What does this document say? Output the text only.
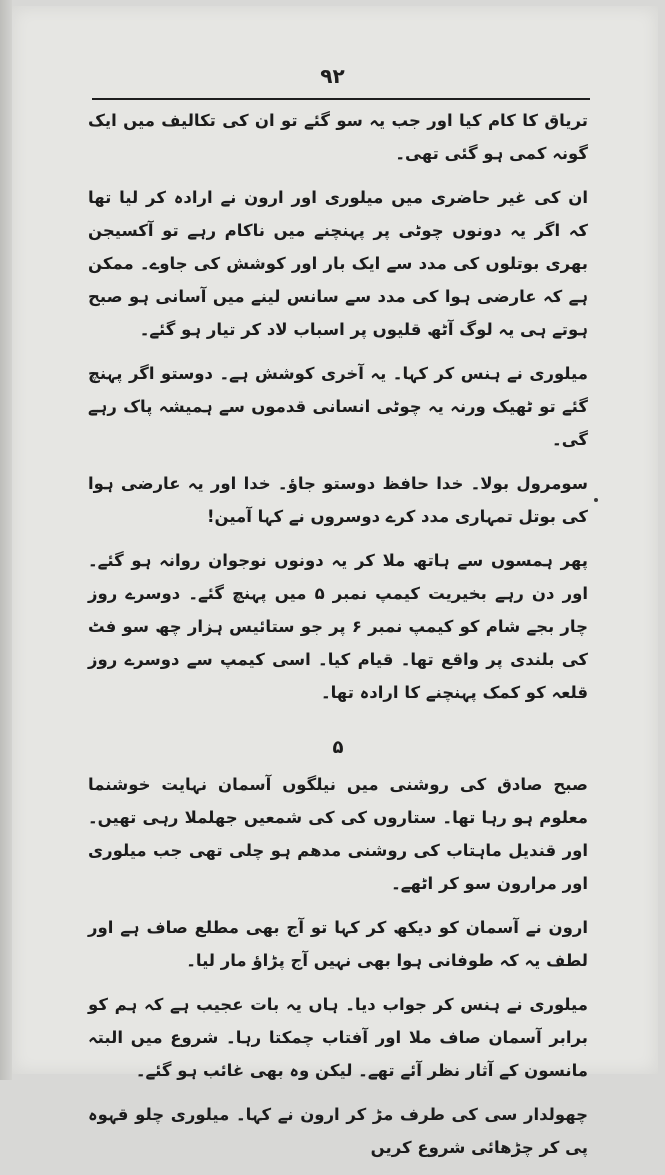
۹۲

تریاق کا کام کیا اور جب یہ سو گئے تو ان کی تکالیف میں ایک گونہ کمی ہو گئی تھی۔

ان کی غیر حاضری میں میلوری اور ارون نے ارادہ کر لیا تھا کہ اگر یہ دونوں چوٹی پر پہنچنے میں ناکام رہے تو آکسیجن بھری بوتلوں کی مدد سے ایک بار اور کوشش کی جاوے۔ ممکن ہے کہ عارضی ہوا کی مدد سے سانس لینے میں آسانی ہو صبح ہوتے ہی یہ لوگ آٹھ قلیوں پر اسباب لاد کر تیار ہو گئے۔

میلوری نے ہنس کر کہا۔ یہ آخری کوشش ہے۔ دوستو اگر پہنچ گئے تو ٹھیک ورنہ یہ چوٹی انسانی قدموں سے ہمیشہ پاک رہے گی۔

سومرول بولا۔ خدا حافظ دوستو جاؤ۔ خدا اور یہ عارضی ہوا کی بوتل تمہاری مدد کرے دوسروں نے کہا آمین!

پھر ہمسوں سے ہاتھ ملا کر یہ دونوں نوجوان روانہ ہو گئے۔ اور دن رہے بخیریت کیمپ نمبر ۵ میں پہنچ گئے۔ دوسرے روز چار بجے شام کو کیمپ نمبر ۶ پر جو ستائیس ہزار چھ سو فٹ کی بلندی پر واقع تھا۔ قیام کیا۔ اسی کیمپ سے دوسرے روز قلعہ کو کمک پہنچنے کا ارادہ تھا۔

۵

صبح صادق کی روشنی میں نیلگوں آسمان نہایت خوشنما معلوم ہو رہا تھا۔ ستاروں کی کی شمعیں جھلملا رہی تھیں۔ اور قندیل ماہتاب کی روشنی مدھم ہو چلی تھی جب میلوری اور مرارون سو کر اٹھے۔

ارون نے آسمان کو دیکھ کر کہا تو آج بھی مطلع صاف ہے اور لطف یہ کہ طوفانی ہوا بھی نہیں آج پڑاؤ مار لیا۔

میلوری نے ہنس کر جواب دیا۔ ہاں یہ بات عجیب ہے کہ ہم کو برابر آسمان صاف ملا اور آفتاب چمکتا رہا۔ شروع میں البتہ مانسون کے آثار نظر آئے تھے۔ لیکن وہ بھی غائب ہو گئے۔

چھولدار سی کی طرف مڑ کر ارون نے کہا۔ میلوری چلو قہوہ پی کر چڑھائی شروع کریں
